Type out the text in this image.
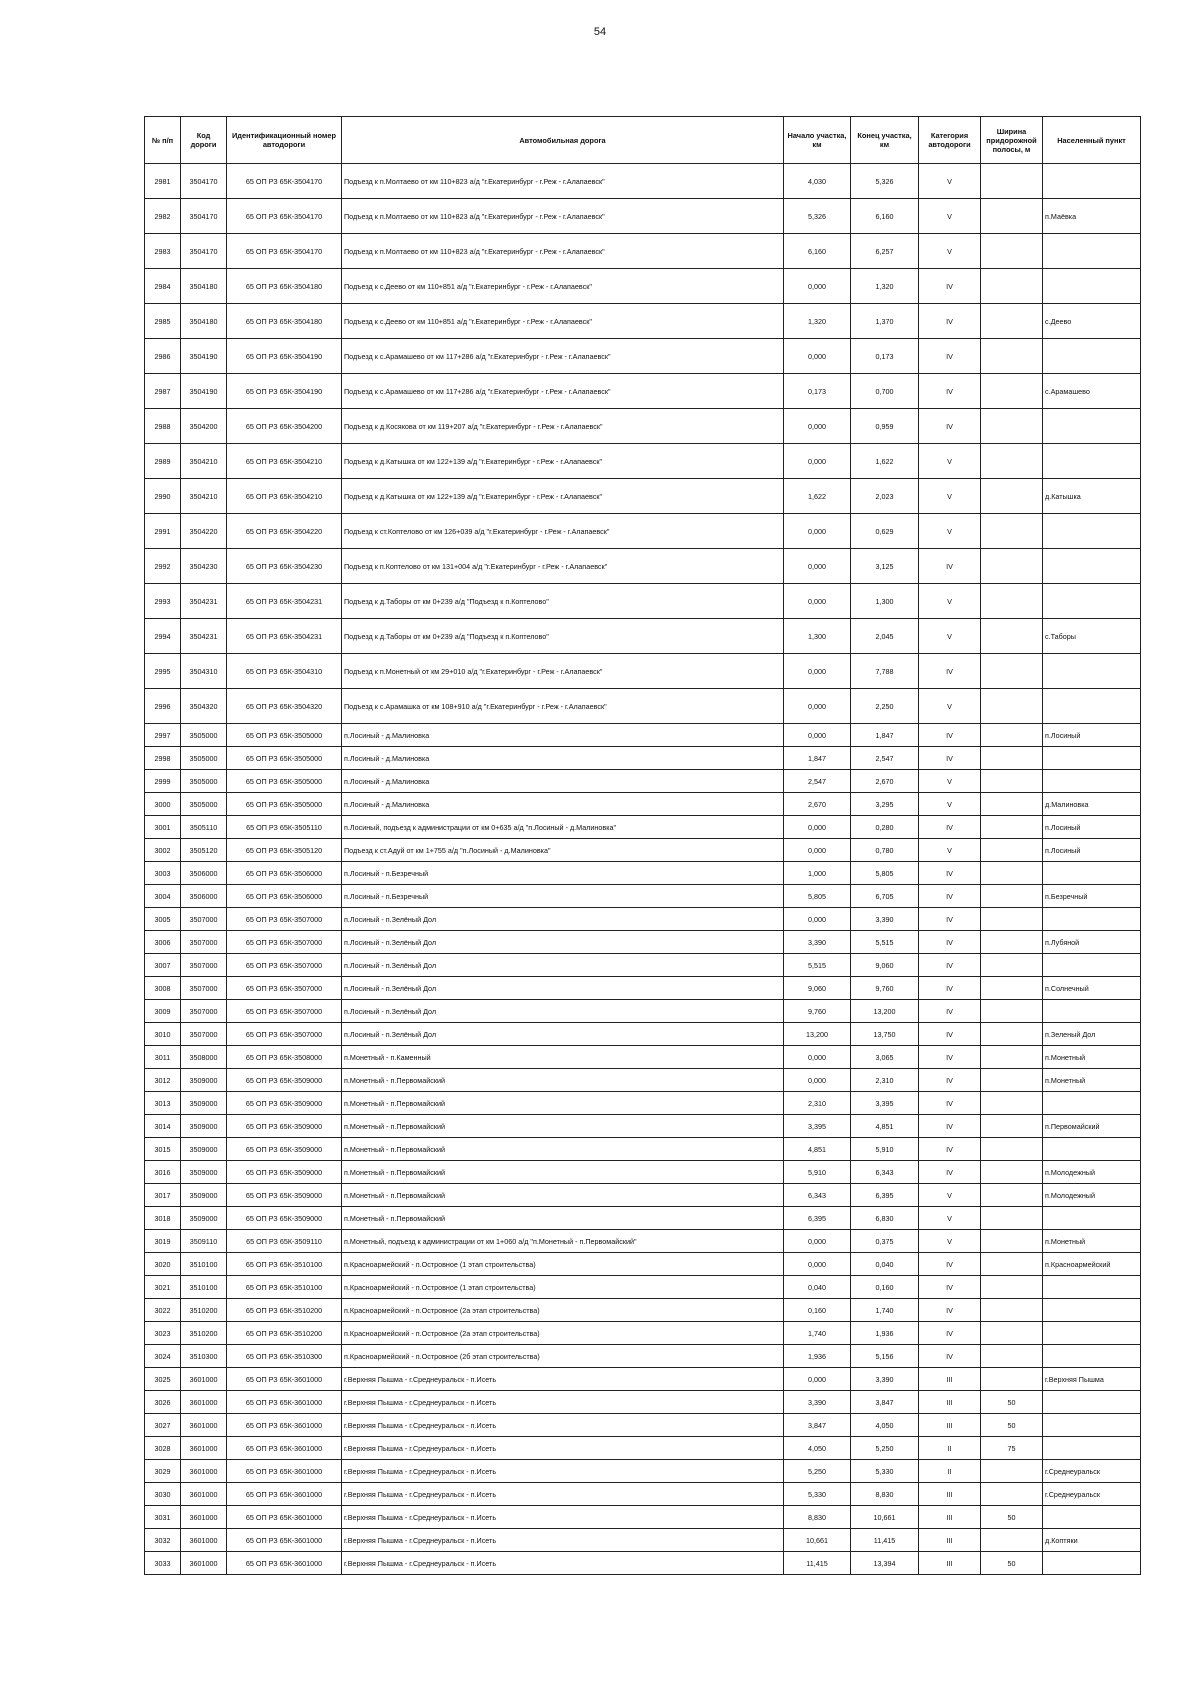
54
№ п/п	Код дороги	Идентификационный номер автодороги	Автомобильная дорога	Начало участка, км	Конец участка, км	Категория автодороги	Ширина придорожной полосы, м	Населенный пункт
2981	3504170	65 ОП РЗ 65К-3504170	Подъезд к п.Молтаево от км 110+823 а/д "г.Екатеринбург - г.Реж - г.Алапаевск"	4,030	5,326	V		
2982	3504170	65 ОП РЗ 65К-3504170	Подъезд к п.Молтаево от км 110+823 а/д "г.Екатеринбург - г.Реж - г.Алапаевск"	5,326	6,160	V		п.Маёвка
2983	3504170	65 ОП РЗ 65К-3504170	Подъезд к п.Молтаево от км 110+823 а/д "г.Екатеринбург - г.Реж - г.Алапаевск"	6,160	6,257	V		
2984	3504180	65 ОП РЗ 65К-3504180	Подъезд к с.Деево от км 110+851 а/д "г.Екатеринбург - г.Реж - г.Алапаевск"	0,000	1,320	IV		
2985	3504180	65 ОП РЗ 65К-3504180	Подъезд к с.Деево от км 110+851 а/д "г.Екатеринбург - г.Реж - г.Алапаевск"	1,320	1,370	IV		с.Деево
2986	3504190	65 ОП РЗ 65К-3504190	Подъезд к с.Арамашево от км 117+286 а/д "г.Екатеринбург - г.Реж - г.Алапаевск"	0,000	0,173	IV		
2987	3504190	65 ОП РЗ 65К-3504190	Подъезд к с.Арамашево от км 117+286 а/д "г.Екатеринбург - г.Реж - г.Алапаевск"	0,173	0,700	IV		с.Арамашево
2988	3504200	65 ОП РЗ 65К-3504200	Подъезд к д.Косякова от км 119+207 а/д "г.Екатеринбург - г.Реж - г.Алапаевск"	0,000	0,959	IV		
2989	3504210	65 ОП РЗ 65К-3504210	Подъезд к д.Катышка от км 122+139 а/д "г.Екатеринбург - г.Реж - г.Алапаевск"	0,000	1,622	V		
2990	3504210	65 ОП РЗ 65К-3504210	Подъезд к д.Катышка от км 122+139 а/д "г.Екатеринбург - г.Реж - г.Алапаевск"	1,622	2,023	V		д.Катышка
2991	3504220	65 ОП РЗ 65К-3504220	Подъезд к ст.Коптелово от км 126+039 а/д "г.Екатеринбург - г.Реж - г.Алапаевск"	0,000	0,629	V		
2992	3504230	65 ОП РЗ 65К-3504230	Подъезд к п.Коптелово от км 131+004 а/д "г.Екатеринбург - г.Реж - г.Алапаевск"	0,000	3,125	IV		
2993	3504231	65 ОП РЗ 65К-3504231	Подъезд к д.Таборы от км 0+239 а/д "Подъезд к п.Коптелово"	0,000	1,300	V		
2994	3504231	65 ОП РЗ 65К-3504231	Подъезд к д.Таборы от км 0+239 а/д "Подъезд к п.Коптелово"	1,300	2,045	V		с.Таборы
2995	3504310	65 ОП РЗ 65К-3504310	Подъезд к п.Монетный от км 29+010 а/д "г.Екатеринбург - г.Реж - г.Алапаевск"	0,000	7,788	IV		
2996	3504320	65 ОП РЗ 65К-3504320	Подъезд к с.Арамашка от км 108+910 а/д "г.Екатеринбург - г.Реж - г.Алапаевск"	0,000	2,250	V		
2997	3505000	65 ОП РЗ 65К-3505000	п.Лосиный - д.Малиновка	0,000	1,847	IV		п.Лосиный
2998	3505000	65 ОП РЗ 65К-3505000	п.Лосиный - д.Малиновка	1,847	2,547	IV		
2999	3505000	65 ОП РЗ 65К-3505000	п.Лосиный - д.Малиновка	2,547	2,670	V		
3000	3505000	65 ОП РЗ 65К-3505000	п.Лосиный - д.Малиновка	2,670	3,295	V		д.Малиновка
3001	3505110	65 ОП РЗ 65К-3505110	п.Лосиный, подъезд к администрации от км 0+635 а/д "п.Лосиный - д.Малиновка"	0,000	0,280	IV		п.Лосиный
3002	3505120	65 ОП РЗ 65К-3505120	Подъезд к ст.Адуй от км 1+755 а/д "п.Лосиный - д.Малиновка"	0,000	0,780	V		п.Лосиный
3003	3506000	65 ОП РЗ 65К-3506000	п.Лосиный - п.Безречный	1,000	5,805	IV		
3004	3506000	65 ОП РЗ 65К-3506000	п.Лосиный - п.Безречный	5,805	6,705	IV		п.Безречный
3005	3507000	65 ОП РЗ 65К-3507000	п.Лосиный - п.Зелёный Дол	0,000	3,390	IV		
3006	3507000	65 ОП РЗ 65К-3507000	п.Лосиный - п.Зелёный Дол	3,390	5,515	IV		п.Лубяной
3007	3507000	65 ОП РЗ 65К-3507000	п.Лосиный - п.Зелёный Дол	5,515	9,060	IV		
3008	3507000	65 ОП РЗ 65К-3507000	п.Лосиный - п.Зелёный Дол	9,060	9,760	IV		п.Солнечный
3009	3507000	65 ОП РЗ 65К-3507000	п.Лосиный - п.Зелёный Дол	9,760	13,200	IV		
3010	3507000	65 ОП РЗ 65К-3507000	п.Лосиный - п.Зелёный Дол	13,200	13,750	IV		п.Зеленый Дол
3011	3508000	65 ОП РЗ 65К-3508000	п.Монетный - п.Каменный	0,000	3,065	IV		п.Монетный
3012	3509000	65 ОП РЗ 65К-3509000	п.Монетный - п.Первомайский	0,000	2,310	IV		п.Монетный
3013	3509000	65 ОП РЗ 65К-3509000	п.Монетный - п.Первомайский	2,310	3,395	IV		
3014	3509000	65 ОП РЗ 65К-3509000	п.Монетный - п.Первомайский	3,395	4,851	IV		п.Первомайский
3015	3509000	65 ОП РЗ 65К-3509000	п.Монетный - п.Первомайский	4,851	5,910	IV		
3016	3509000	65 ОП РЗ 65К-3509000	п.Монетный - п.Первомайский	5,910	6,343	IV		п.Молодежный
3017	3509000	65 ОП РЗ 65К-3509000	п.Монетный - п.Первомайский	6,343	6,395	V		п.Молодежный
3018	3509000	65 ОП РЗ 65К-3509000	п.Монетный - п.Первомайский	6,395	6,830	V		
3019	3509110	65 ОП РЗ 65К-3509110	п.Монетный, подъезд к администрации от км 1+060 а/д "п.Монетный - п.Первомайский"	0,000	0,375	V		п.Монетный
3020	3510100	65 ОП РЗ 65К-3510100	п.Красноармейский - п.Островное (1 этап строительства)	0,000	0,040	IV		п.Красноармейский
3021	3510100	65 ОП РЗ 65К-3510100	п.Красноармейский - п.Островное (1 этап строительства)	0,040	0,160	IV		
3022	3510200	65 ОП РЗ 65К-3510200	п.Красноармейский - п.Островное (2а этап строительства)	0,160	1,740	IV		
3023	3510200	65 ОП РЗ 65К-3510200	п.Красноармейский - п.Островное (2а этап строительства)	1,740	1,936	IV		
3024	3510300	65 ОП РЗ 65К-3510300	п.Красноармейский - п.Островное (2б этап строительства)	1,936	5,156	IV		
3025	3601000	65 ОП РЗ 65К-3601000	г.Верхняя Пышма - г.Среднеуральск - п.Исеть	0,000	3,390	III		г.Верхняя Пышма
3026	3601000	65 ОП РЗ 65К-3601000	г.Верхняя Пышма - г.Среднеуральск - п.Исеть	3,390	3,847	III	50	
3027	3601000	65 ОП РЗ 65К-3601000	г.Верхняя Пышма - г.Среднеуральск - п.Исеть	3,847	4,050	III	50	
3028	3601000	65 ОП РЗ 65К-3601000	г.Верхняя Пышма - г.Среднеуральск - п.Исеть	4,050	5,250	II	75	
3029	3601000	65 ОП РЗ 65К-3601000	г.Верхняя Пышма - г.Среднеуральск - п.Исеть	5,250	5,330	II		г.Среднеуральск
3030	3601000	65 ОП РЗ 65К-3601000	г.Верхняя Пышма - г.Среднеуральск - п.Исеть	5,330	8,830	III		г.Среднеуральск
3031	3601000	65 ОП РЗ 65К-3601000	г.Верхняя Пышма - г.Среднеуральск - п.Исеть	8,830	10,661	III	50	
3032	3601000	65 ОП РЗ 65К-3601000	г.Верхняя Пышма - г.Среднеуральск - п.Исеть	10,661	11,415	III		д.Коптяки
3033	3601000	65 ОП РЗ 65К-3601000	г.Верхняя Пышма - г.Среднеуральск - п.Исеть	11,415	13,394	III	50	
